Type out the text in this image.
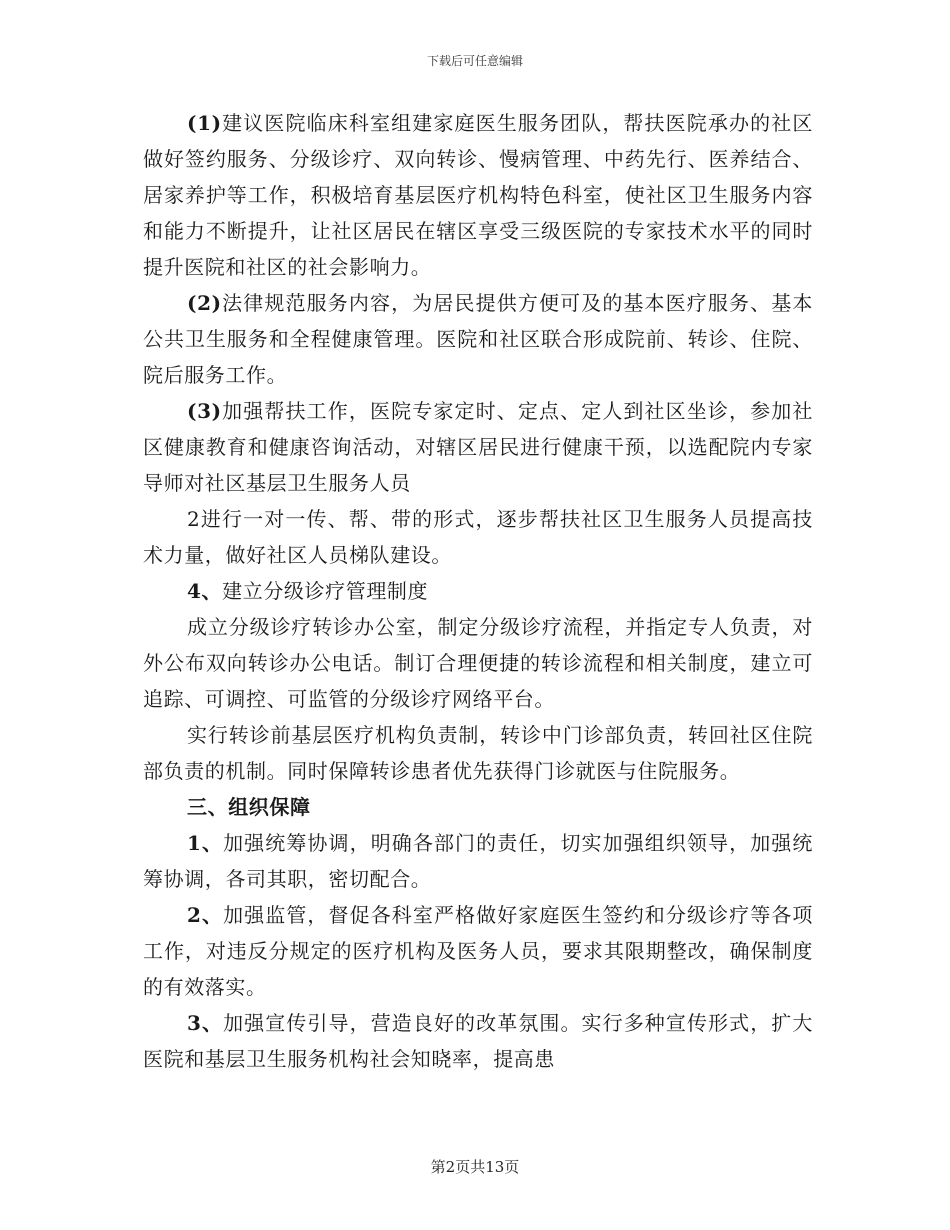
下载后可任意编辑

(1)建议医院临床科室组建家庭医生服务团队，帮扶医院承办的社区做好签约服务、分级诊疗、双向转诊、慢病管理、中药先行、医养结合、居家养护等工作，积极培育基层医疗机构特色科室，使社区卫生服务内容和能力不断提升，让社区居民在辖区享受三级医院的专家技术水平的同时提升医院和社区的社会影响力。

(2)法律规范服务内容，为居民提供方便可及的基本医疗服务、基本公共卫生服务和全程健康管理。医院和社区联合形成院前、转诊、住院、院后服务工作。

(3)加强帮扶工作，医院专家定时、定点、定人到社区坐诊，参加社区健康教育和健康咨询活动，对辖区居民进行健康干预，以选配院内专家导师对社区基层卫生服务人员

2进行一对一传、帮、带的形式，逐步帮扶社区卫生服务人员提高技术力量，做好社区人员梯队建设。

4、建立分级诊疗管理制度

成立分级诊疗转诊办公室，制定分级诊疗流程，并指定专人负责，对外公布双向转诊办公电话。制订合理便捷的转诊流程和相关制度，建立可追踪、可调控、可监管的分级诊疗网络平台。

实行转诊前基层医疗机构负责制，转诊中门诊部负责，转回社区住院部负责的机制。同时保障转诊患者优先获得门诊就医与住院服务。

三、组织保障

1、加强统筹协调，明确各部门的责任，切实加强组织领导，加强统筹协调，各司其职，密切配合。

2、加强监管，督促各科室严格做好家庭医生签约和分级诊疗等各项工作，对违反分规定的医疗机构及医务人员，要求其限期整改，确保制度的有效落实。

3、加强宣传引导，营造良好的改革氛围。实行多种宣传形式，扩大医院和基层卫生服务机构社会知晓率，提高患

第2页共13页
